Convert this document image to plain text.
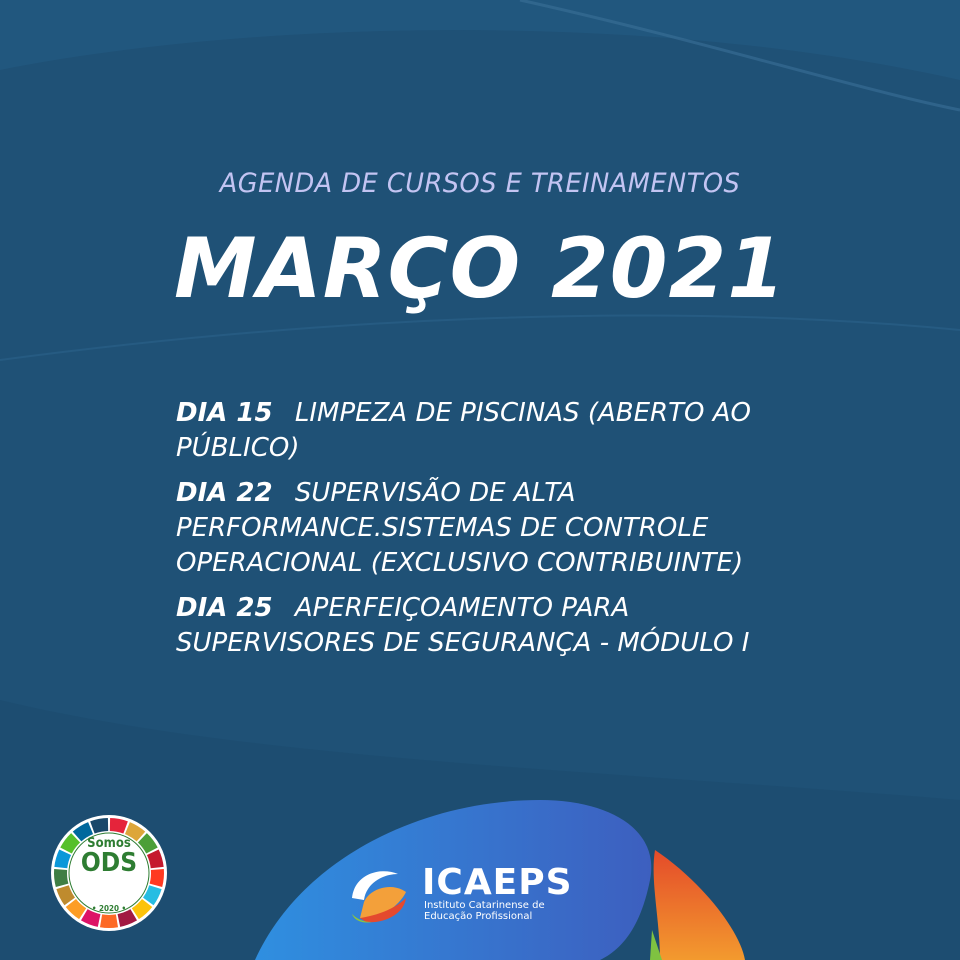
AGENDA DE CURSOS E TREINAMENTOS
MARÇO 2021
DIA 15 LIMPEZA DE PISCINAS (ABERTO AO PÚBLICO)
DIA 22 SUPERVISÃO DE ALTA PERFORMANCE.SISTEMAS DE CONTROLE OPERACIONAL (EXCLUSIVO CONTRIBUINTE)
DIA 25 APERFEIÇOAMENTO PARA SUPERVISORES DE SEGURANÇA - MÓDULO I
Somos
ODS
• 2020 •
ICAEPS
Instituto Catarinense de
Educação Profissional
